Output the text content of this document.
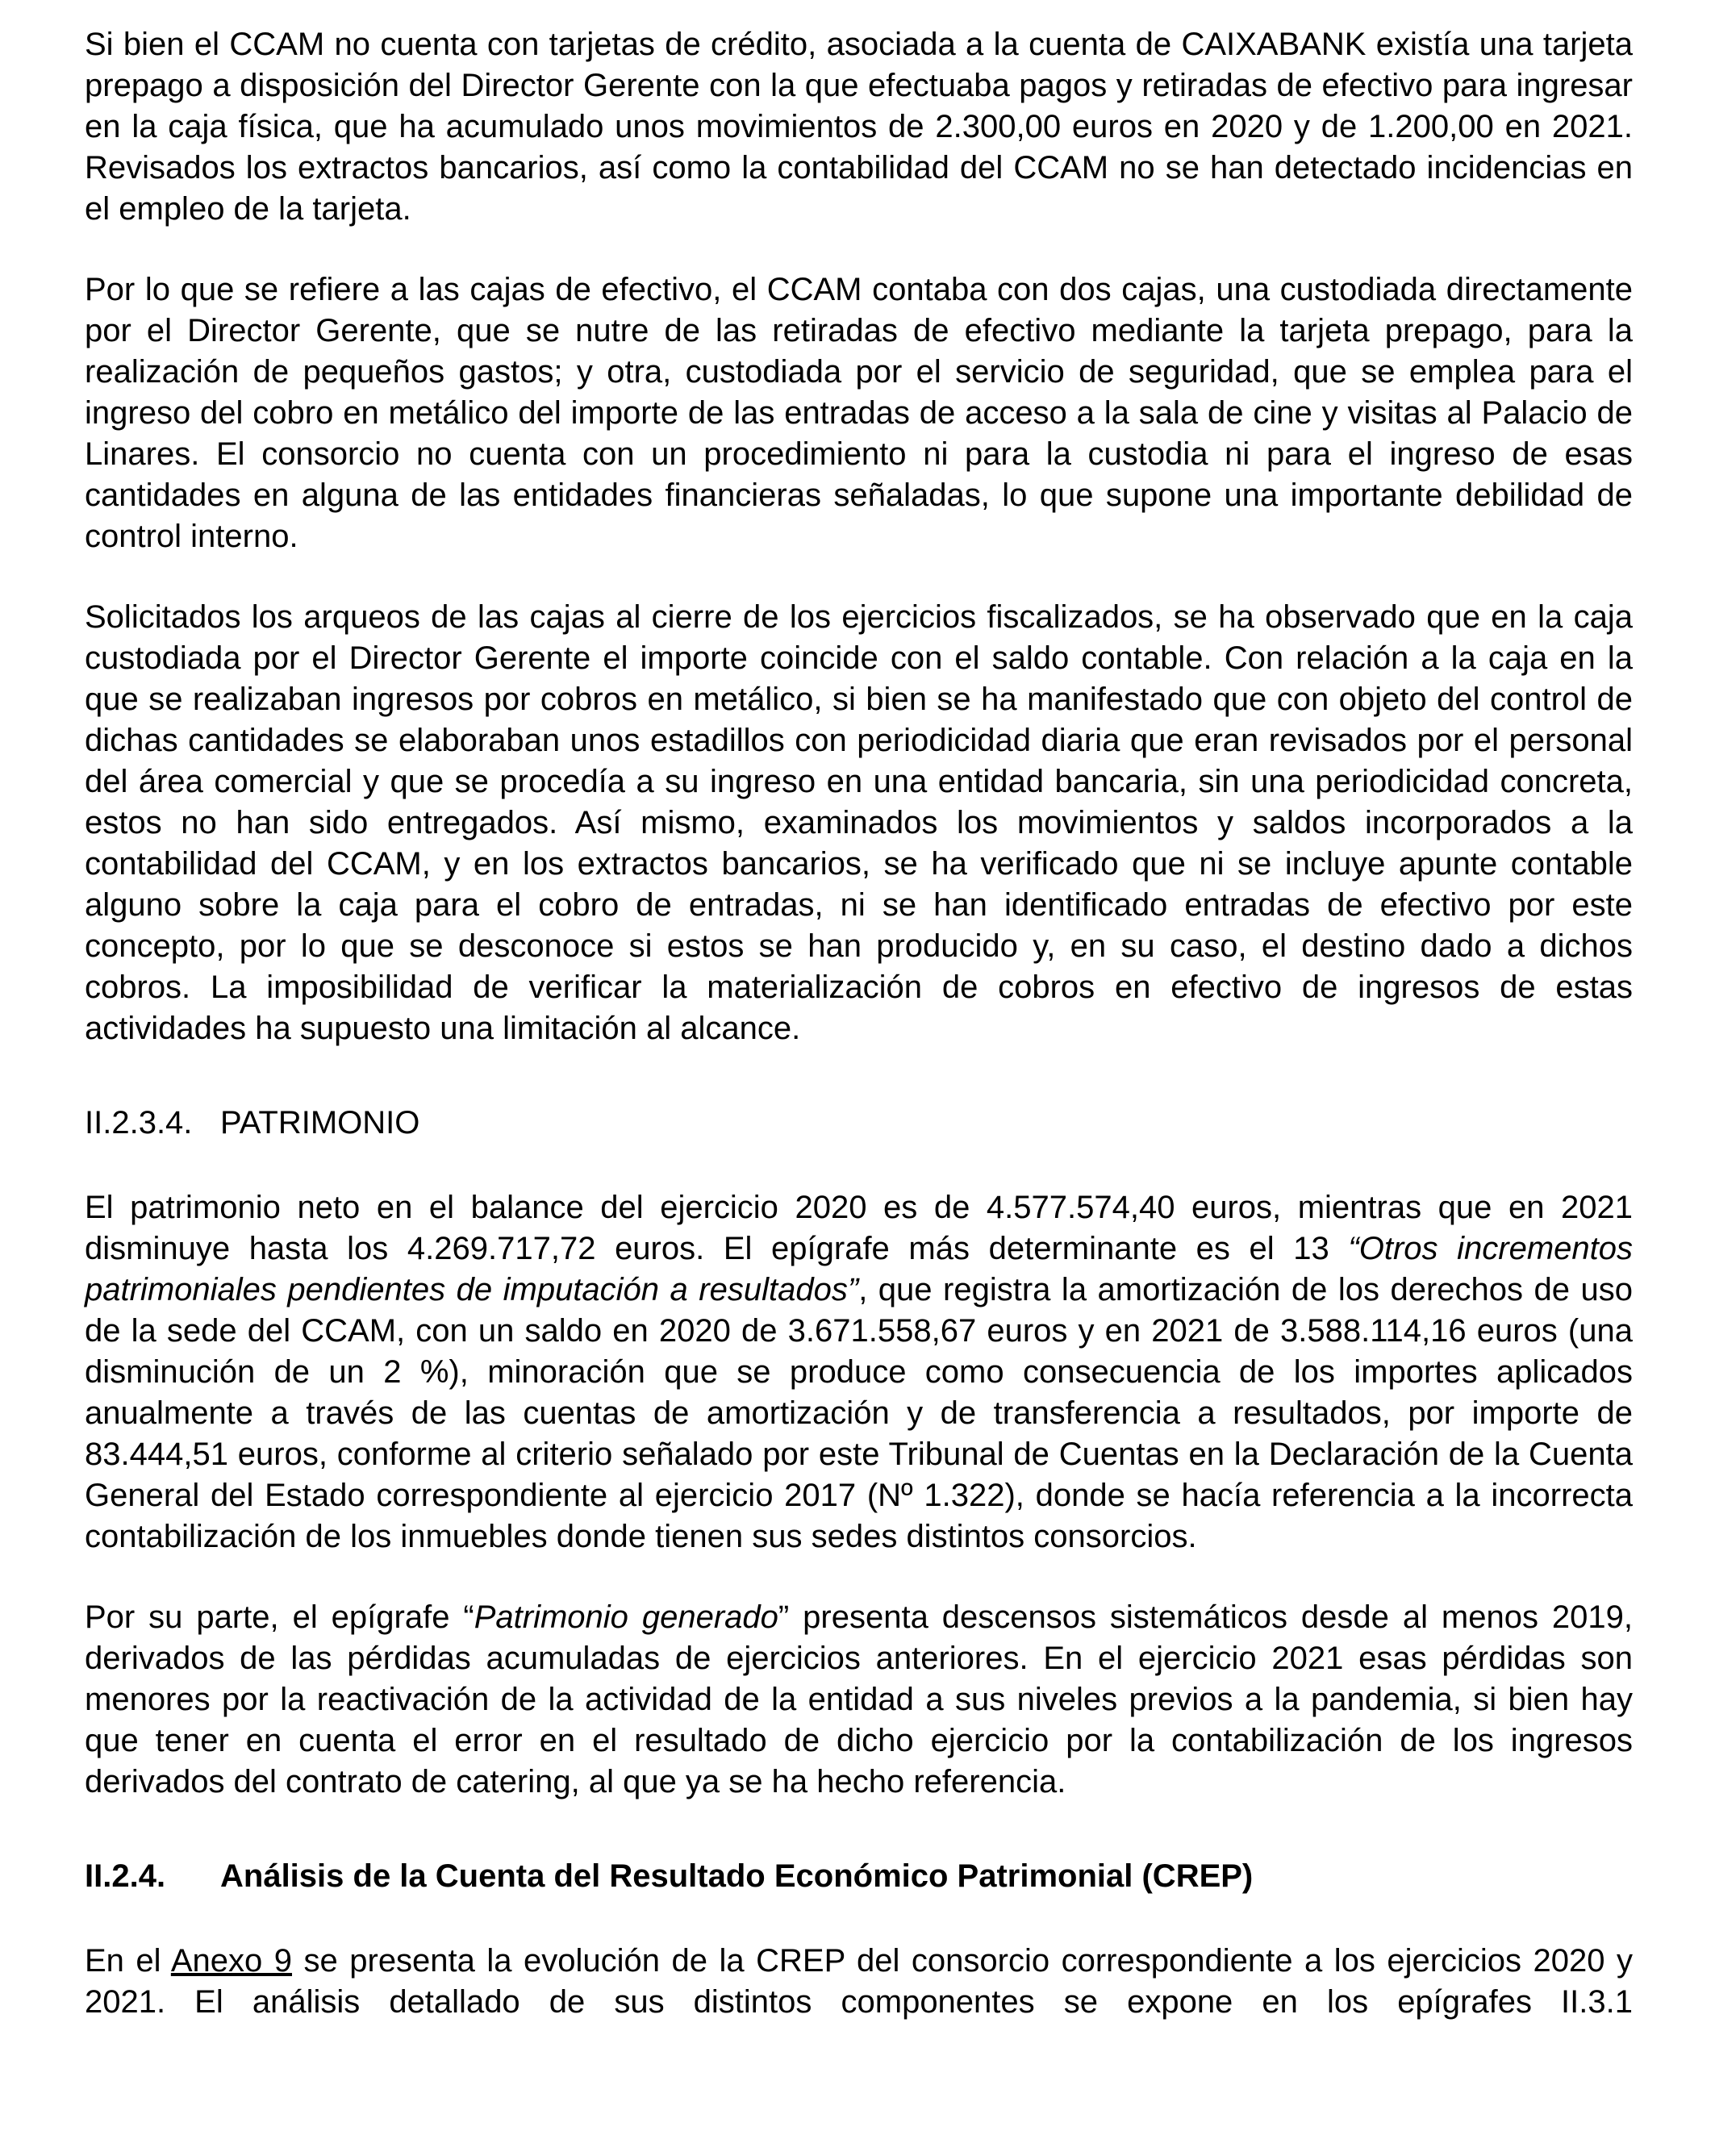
Si bien el CCAM no cuenta con tarjetas de crédito, asociada a la cuenta de CAIXABANK existía una tarjeta prepago a disposición del Director Gerente con la que efectuaba pagos y retiradas de efectivo para ingresar en la caja física, que ha acumulado unos movimientos de 2.300,00 euros en 2020 y de 1.200,00 en 2021. Revisados los extractos bancarios, así como la contabilidad del CCAM no se han detectado incidencias en el empleo de la tarjeta.

Por lo que se refiere a las cajas de efectivo, el CCAM contaba con dos cajas, una custodiada directamente por el Director Gerente, que se nutre de las retiradas de efectivo mediante la tarjeta prepago, para la realización de pequeños gastos; y otra, custodiada por el servicio de seguridad, que se emplea para el ingreso del cobro en metálico del importe de las entradas de acceso a la sala de cine y visitas al Palacio de Linares. El consorcio no cuenta con un procedimiento ni para la custodia ni para el ingreso de esas cantidades en alguna de las entidades financieras señaladas, lo que supone una importante debilidad de control interno.

Solicitados los arqueos de las cajas al cierre de los ejercicios fiscalizados, se ha observado que en la caja custodiada por el Director Gerente el importe coincide con el saldo contable. Con relación a la caja en la que se realizaban ingresos por cobros en metálico, si bien se ha manifestado que con objeto del control de dichas cantidades se elaboraban unos estadillos con periodicidad diaria que eran revisados por el personal del área comercial y que se procedía a su ingreso en una entidad bancaria, sin una periodicidad concreta, estos no han sido entregados. Así mismo, examinados los movimientos y saldos incorporados a la contabilidad del CCAM, y en los extractos bancarios, se ha verificado que ni se incluye apunte contable alguno sobre la caja para el cobro de entradas, ni se han identificado entradas de efectivo por este concepto, por lo que se desconoce si estos se han producido y, en su caso, el destino dado a dichos cobros. La imposibilidad de verificar la materialización de cobros en efectivo de ingresos de estas actividades ha supuesto una limitación al alcance.

II.2.3.4. PATRIMONIO

El patrimonio neto en el balance del ejercicio 2020 es de 4.577.574,40 euros, mientras que en 2021 disminuye hasta los 4.269.717,72 euros. El epígrafe más determinante es el 13 “Otros incrementos patrimoniales pendientes de imputación a resultados”, que registra la amortización de los derechos de uso de la sede del CCAM, con un saldo en 2020 de 3.671.558,67 euros y en 2021 de 3.588.114,16 euros (una disminución de un 2 %), minoración que se produce como consecuencia de los importes aplicados anualmente a través de las cuentas de amortización y de transferencia a resultados, por importe de 83.444,51 euros, conforme al criterio señalado por este Tribunal de Cuentas en la Declaración de la Cuenta General del Estado correspondiente al ejercicio 2017 (Nº 1.322), donde se hacía referencia a la incorrecta contabilización de los inmuebles donde tienen sus sedes distintos consorcios.

Por su parte, el epígrafe “Patrimonio generado” presenta descensos sistemáticos desde al menos 2019, derivados de las pérdidas acumuladas de ejercicios anteriores. En el ejercicio 2021 esas pérdidas son menores por la reactivación de la actividad de la entidad a sus niveles previos a la pandemia, si bien hay que tener en cuenta el error en el resultado de dicho ejercicio por la contabilización de los ingresos derivados del contrato de catering, al que ya se ha hecho referencia.

II.2.4.	Análisis de la Cuenta del Resultado Económico Patrimonial (CREP)

En el Anexo 9 se presenta la evolución de la CREP del consorcio correspondiente a los ejercicios 2020 y 2021. El análisis detallado de sus distintos componentes se expone en los epígrafes II.3.1
